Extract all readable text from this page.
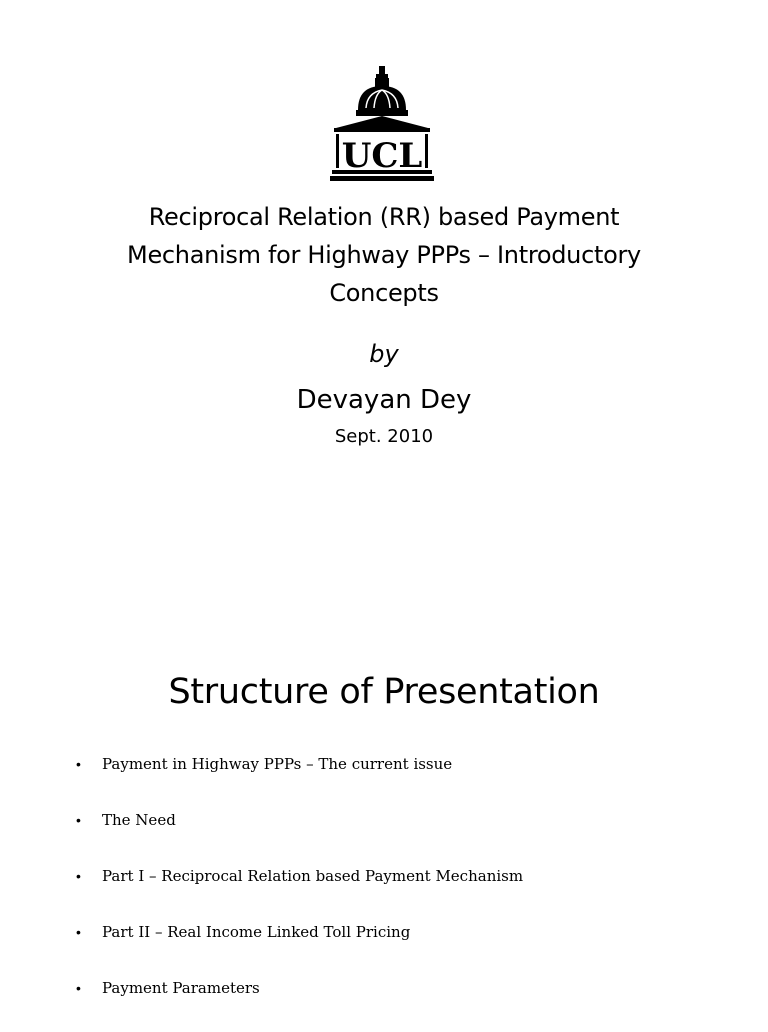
UCL
Reciprocal Relation (RR) based Payment
Mechanism for Highway PPPs – Introductory
Concepts
by
Devayan Dey
Sept. 2010
Structure of Presentation
• Payment in Highway PPPs – The current issue
• The Need
• Part I – Reciprocal Relation based Payment Mechanism
• Part II – Real Income Linked Toll Pricing
• Payment Parameters
